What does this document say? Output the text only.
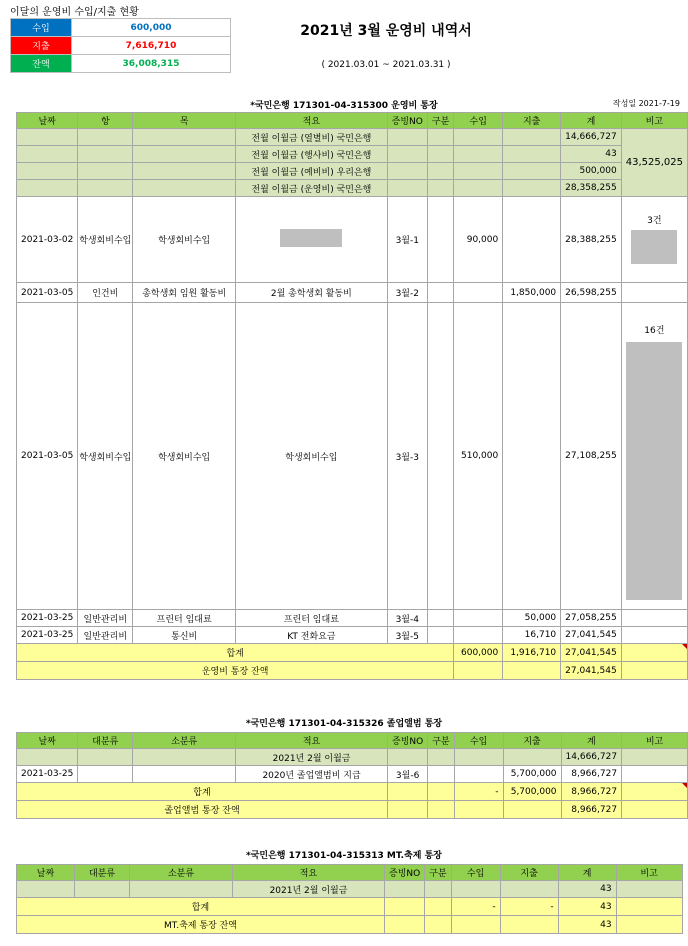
이달의 운영비 수입/지출 현황
수입	600,000
지출	7,616,710
잔액	36,008,315
2021년 3월 운영비 내역서
( 2021.03.01 ~ 2021.03.31 )
*국민은행 171301-04-315300 운영비 통장	작성일 2021-7-19
날짜	항	목	적요	증빙NO	구분	수입	지출	계	비고
			전월 이월금 (열별비) 국민은행					14,666,727	43,525,025
			전월 이월금 (행사비) 국민은행					43	
			전월 이월금 (예비비) 우리은행					500,000	
			전월 이월금 (운영비) 국민은행					28,358,255	
2021-03-02	학생회비수입	학생회비수입		3월-1		90,000		28,388,255	3건

2021-03-05	인건비	총학생회 임원 활동비	2월 총학생회 활동비	3월-2			1,850,000	26,598,255	
2021-03-05	학생회비수입	학생회비수입	학생회비수입	3월-3		510,000		27,108,255	16건

2021-03-25	일반관리비	프린터 임대료	프린터 임대료	3월-4			50,000	27,058,255	
2021-03-25	일반관리비	통신비	KT 전화요금	3월-5			16,710	27,041,545	
합계						600,000	1,916,710	27,041,545	

운영비 통장 잔액								27,041,545	
*국민은행 171301-04-315326 졸업앨범 통장
날짜	대분류	소분류	적요	증빙NO	구분	수입	지출	계	비고
			2021년 2월 이월금					14,666,727	
2021-03-25			2020년 졸업앨범비 지급	3월-6			5,700,000	8,966,727	
합계						-	5,700,000	8,966,727	

졸업앨범 통장 잔액								8,966,727	
*국민은행 171301-04-315313 MT.축제 통장
날짜	대분류	소분류	적요	증빙NO	구분	수입	지출	계	비고
			2021년 2월 이월금					43	
합계						-	-	43	
MT.축제 통장 잔액								43	
